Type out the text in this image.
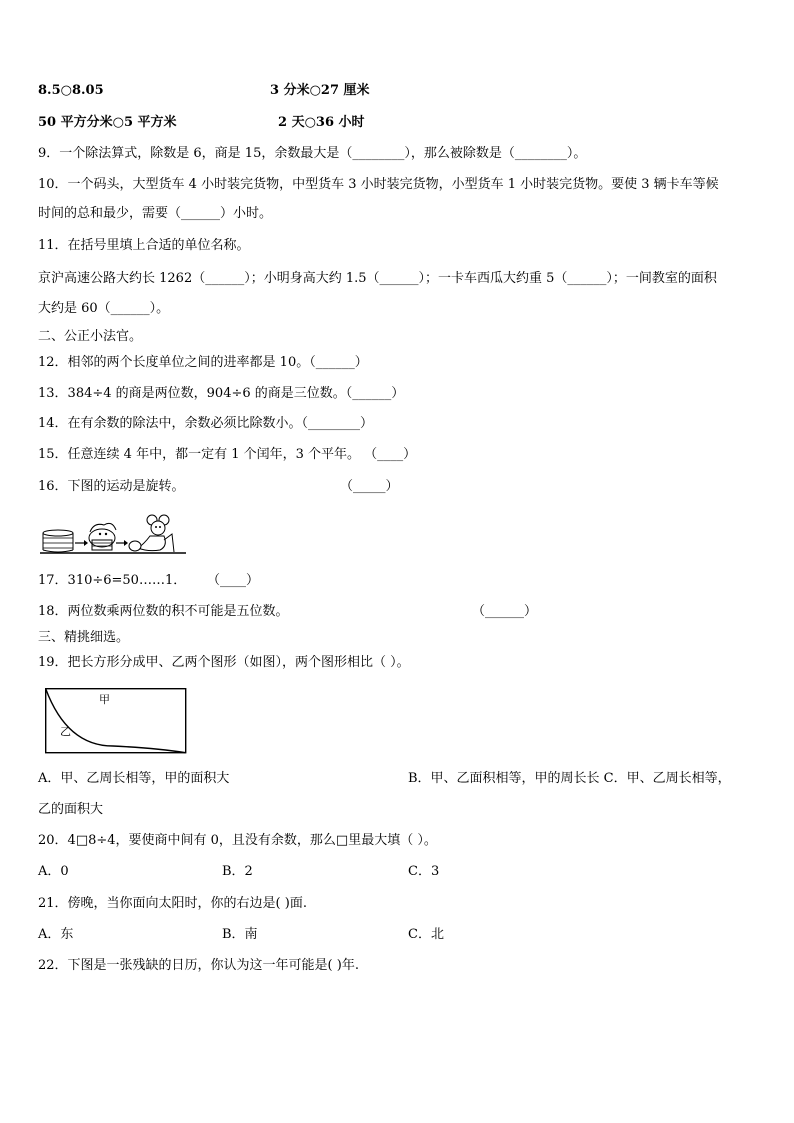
8.5○8.05	3 分米○27 厘米
50 平方分米○5 平方米	2 天○36 小时
9．一个除法算式，除数是 6，商是 15，余数最大是（________），那么被除数是（________）。
10．一个码头，大型货车 4 小时装完货物，中型货车 3 小时装完货物，小型货车 1 小时装完货物。要使 3 辆卡车等候
时间的总和最少，需要（______）小时。
11．在括号里填上合适的单位名称。
京沪高速公路大约长 1262（______）；小明身高大约 1.5（______）；一卡车西瓜大约重 5（______）；一间教室的面积
大约是 60（______）。
二、公正小法官。
12．相邻的两个长度单位之间的进率都是 10。（______）
13．384÷4 的商是两位数，904÷6 的商是三位数。（______）
14．在有余数的除法中，余数必须比除数小。（________）
15．任意连续 4 年中，都一定有 1 个闰年，3 个平年。 （____）
16．下图的运动是旋转。	（_____）
17．310÷6=50……1． （____）
18．两位数乘两位数的积不可能是五位数。	（______）
三、精挑细选。
19．把长方形分成甲、乙两个图形（如图），两个图形相比（ ）。
甲
乙
A．甲、乙周长相等，甲的面积大	B．甲、乙面积相等，甲的周长长 C．甲、乙周长相等，
乙的面积大
20．4□8÷4，要使商中间有 0，且没有余数，那么□里最大填（ ）。
A．0	B．2	C．3
21．傍晚，当你面向太阳时，你的右边是( )面.
A．东	B．南	C．北
22．下图是一张残缺的日历，你认为这一年可能是( )年.
